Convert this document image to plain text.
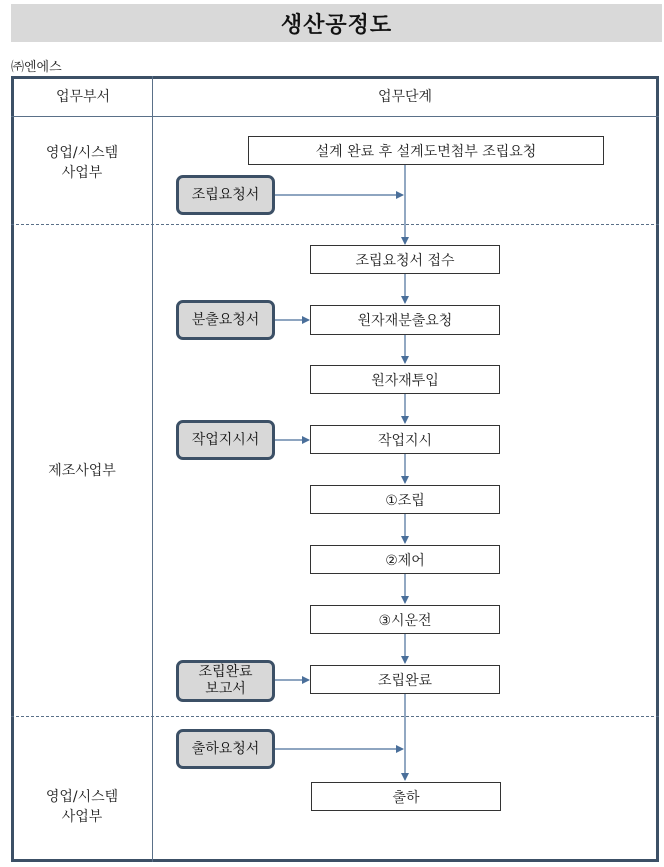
생산공정도
㈜엔에스
업무부서	업무단계
영업/시스템
사업부
제조사업부
영업/시스템
사업부
설계 완료 후 설계도면첨부 조립요청
조립요청서 접수
원자재분출요청
원자재투입
작업지시
①조립
②제어
③시운전
조립완료
출하
조립요청서
분출요청서
작업지시서
조립완료
보고서
출하요청서
